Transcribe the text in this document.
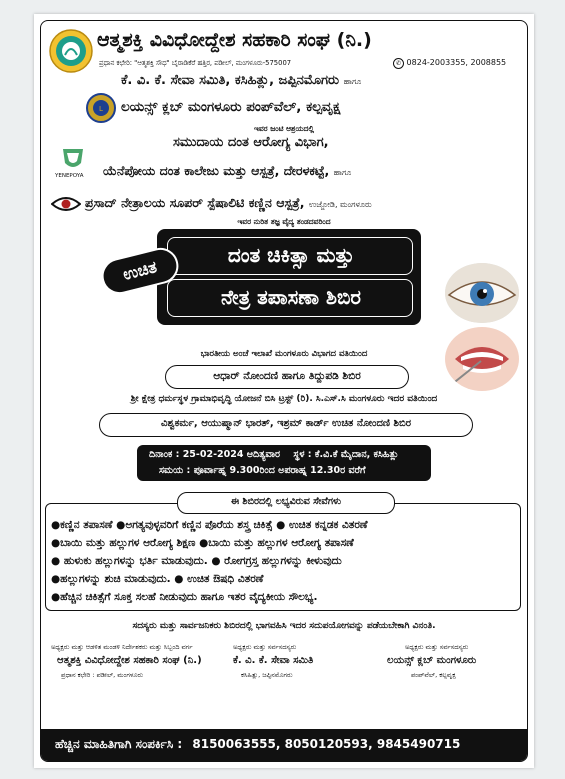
ಆತ್ಮಶಕ್ತಿ ವಿವಿಧೋದ್ದೇಶ ಸಹಕಾರಿ ಸಂಘ (ನಿ.)
ಪ್ರಧಾನ ಕಛೇರಿ: "ಆತ್ಮಶಕ್ತಿ ಸೌಧ" ಬೈರಾಡಿಕೆರೆ ಹತ್ತಿರ, ಪಡೀಲ್, ಮಂಗಳೂರು-575007	✆ 0824-2003355, 2008855
ಕೆ. ವಿ. ಕೆ. ಸೇವಾ ಸಮಿತಿ, ಕಸಿಹಿತ್ಲು, ಜಪ್ಪಿನಮೊಗರು ಹಾಗೂ
L ಲಯನ್ಸ್ ಕ್ಲಬ್ ಮಂಗಳೂರು ಪಂಪ್‌ವೆಲ್, ಕಲ್ಪವೃಕ್ಷ
ಇವರ ಜಂಟಿ ಆಶ್ರಯದಲ್ಲಿ
ಸಮುದಾಯ ದಂತ ಆರೋಗ್ಯ ವಿಭಾಗ,
YENEPOYA ಯೆನೆಪೋಯ ದಂತ ಕಾಲೇಜು ಮತ್ತು ಆಸ್ಪತ್ರೆ, ದೇರಳಕಟ್ಟೆ, ಹಾಗೂ
ಪ್ರಸಾದ್ ನೇತ್ರಾಲಯ ಸೂಪರ್ ಸ್ಪೆಷಾಲಿಟಿ ಕಣ್ಣಿನ ಆಸ್ಪತ್ರೆ, ಉಜ್ಜೋಡಿ, ಮಂಗಳೂರು
ಇವರ ನುರಿತ ತಜ್ಞ ವೈದ್ಯ ತಂಡದವರಿಂದ
ದಂತ ಚಿಕಿತ್ಸಾ ಮತ್ತು
ನೇತ್ರ ತಪಾಸಣಾ ಶಿಬಿರ
ಉಚಿತ
ಭಾರತೀಯ ಅಂಚೆ ಇಲಾಖೆ ಮಂಗಳೂರು ವಿಭಾಗದ ವತಿಯಿಂದ
ಆಧಾರ್ ನೋಂದಣಿ ಹಾಗೂ ತಿದ್ದುಪಡಿ ಶಿಬಿರ
ಶ್ರೀ ಕ್ಷೇತ್ರ ಧರ್ಮಸ್ಥಳ ಗ್ರಾಮಾಭಿವೃದ್ಧಿ ಯೋಜನೆ ಬಿಸಿ ಟ್ರಸ್ಟ್ (ರಿ). ಸಿ.ಎಸ್.ಸಿ ಮಂಗಳೂರು ಇದರ ವತಿಯಿಂದ
ವಿಶ್ವಕರ್ಮ, ಆಯುಷ್ಮಾನ್ ಭಾರತ್, ಇಶ್ರಮ್ ಕಾರ್ಡ್ ಉಚಿತ ನೋಂದಣಿ ಶಿಬಿರ
ದಿನಾಂಕ : 25-02-2024 ಆದಿತ್ಯವಾರ ಸ್ಥಳ : ಕೆ.ವಿ.ಕೆ ಮೈದಾನ, ಕಸಿಹಿತ್ಲು
ಸಮಯ : ಪೂರ್ವಾಹ್ನ 9.300ರಿಂದ ಅಪರಾಹ್ನ 12.30ರ ವರೆಗೆ
ಈ ಶಿಬಿರದಲ್ಲಿ ಲಭ್ಯವಿರುವ ಸೇವೆಗಳು
●ಕಣ್ಣಿನ ತಪಾಸಣೆ ●ಅಗತ್ಯವುಳ್ಳವರಿಗೆ ಕಣ್ಣಿನ ಪೊರೆಯ ಶಸ್ತ್ರ ಚಿಕಿತ್ಸೆ ● ಉಚಿತ ಕನ್ನಡಕ ವಿತರಣೆ
●ಬಾಯಿ ಮತ್ತು ಹಲ್ಲುಗಳ ಆರೋಗ್ಯ ಶಿಕ್ಷಣ ●ಬಾಯಿ ಮತ್ತು ಹಲ್ಲುಗಳ ಆರೋಗ್ಯ ತಪಾಸಣೆ
● ಹುಳುಕು ಹಲ್ಲುಗಳನ್ನು ಭರ್ತಿ ಮಾಡುವುದು. ● ರೋಗಗ್ರಸ್ತ ಹಲ್ಲುಗಳನ್ನು ಕೀಳುವುದು
●ಹಲ್ಲುಗಳನ್ನು ಶುಚಿ ಮಾಡುವುದು. ● ಉಚಿತ ಔಷಧಿ ವಿತರಣೆ
●ಹೆಚ್ಚಿನ ಚಿಕಿತ್ಸೆಗೆ ಸೂಕ್ತ ಸಲಹೆ ನೀಡುವುದು ಹಾಗೂ ಇತರ ವೈದ್ಯಕೀಯ ಸೌಲಭ್ಯ.
ಸದಸ್ಯರು ಮತ್ತು ಸಾರ್ವಜನಿಕರು ಶಿಬಿರದಲ್ಲಿ ಭಾಗವಹಿಸಿ ಇದರ ಸದುಪಯೋಗವನ್ನು ಪಡೆಯಬೇಕಾಗಿ ವಿನಂತಿ.
ಅಧ್ಯಕ್ಷರು ಮತ್ತು ಆಡಳಿತ ಮಂಡಳಿ ನಿರ್ದೇಶಕರು ಮತ್ತು ಸಿಬ್ಬಂದಿ ವರ್ಗ
ಆತ್ಮಶಕ್ತಿ ವಿವಿಧೋದ್ದೇಶ ಸಹಕಾರಿ ಸಂಘ (ನಿ.)
ಪ್ರಧಾನ ಕಛೇರಿ : ಪಡೀಲ್, ಮಂಗಳೂರು
ಅಧ್ಯಕ್ಷರು ಮತ್ತು ಸರ್ವಸದಸ್ಯರು
ಕೆ. ವಿ. ಕೆ. ಸೇವಾ ಸಮಿತಿ
ಕಸಿಹಿತ್ಲು, ಜಪ್ಪಿನಮೊಗರು
ಅಧ್ಯಕ್ಷರು ಮತ್ತು ಸರ್ವಸದಸ್ಯರು
ಲಯನ್ಸ್ ಕ್ಲಬ್ ಮಂಗಳೂರು
ಪಂಪ್‌ವೆಲ್, ಕಲ್ಪವೃಕ್ಷ
ಹೆಚ್ಚಿನ ಮಾಹಿತಿಗಾಗಿ ಸಂಪರ್ಕಿಸಿ : 8150063555, 8050120593, 9845490715
